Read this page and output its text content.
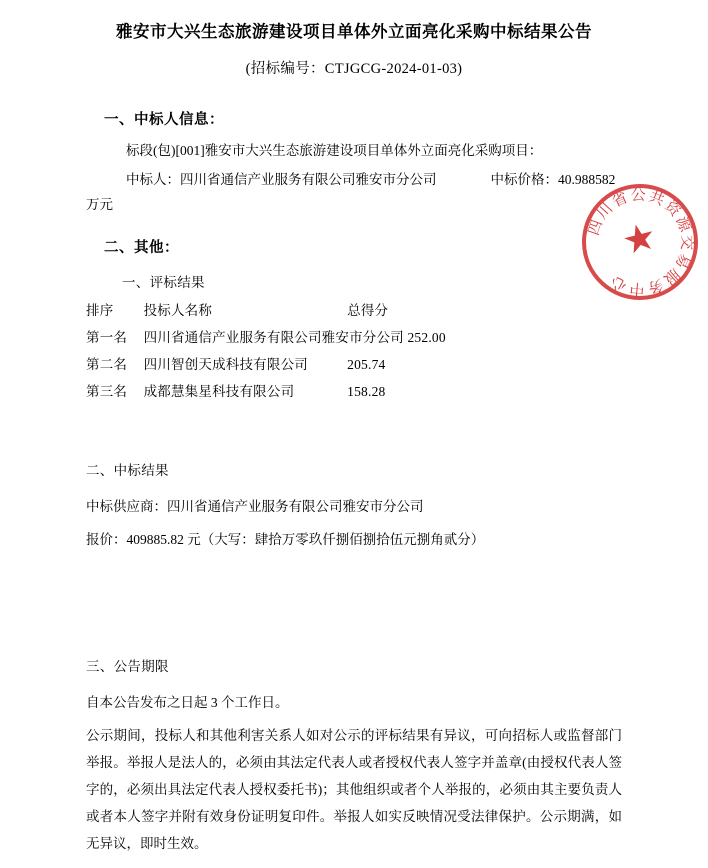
雅安市大兴生态旅游建设项目单体外立面亮化采购中标结果公告
(招标编号：CTJGCG-2024-01-03)
四川省公共资源交易服务中心
一、中标人信息：
标段(包)[001]雅安市大兴生态旅游建设项目单体外立面亮化采购项目：
中标人：四川省通信产业服务有限公司雅安市分公司	中标价格：40.988582
万元
二、其他：
一、评标结果
排序 投标人名称	总得分
第一名 四川省通信产业服务有限公司雅安市分公司 252.00
第二名 四川智创天成科技有限公司	205.74
第三名 成都慧集星科技有限公司	158.28
二、中标结果
中标供应商：四川省通信产业服务有限公司雅安市分公司
报价：409885.82 元（大写：肆拾万零玖仟捌佰捌拾伍元捌角贰分）
三、公告期限
自本公告发布之日起 3 个工作日。
公示期间，投标人和其他利害关系人如对公示的评标结果有异议，可向招标人或监督部门举报。举报人是法人的，必须由其法定代表人或者授权代表人签字并盖章(由授权代表人签字的，必须出具法定代表人授权委托书)；其他组织或者个人举报的，必须由其主要负责人或者本人签字并附有效身份证明复印件。举报人如实反映情况受法律保护。公示期满，如无异议，即时生效。
